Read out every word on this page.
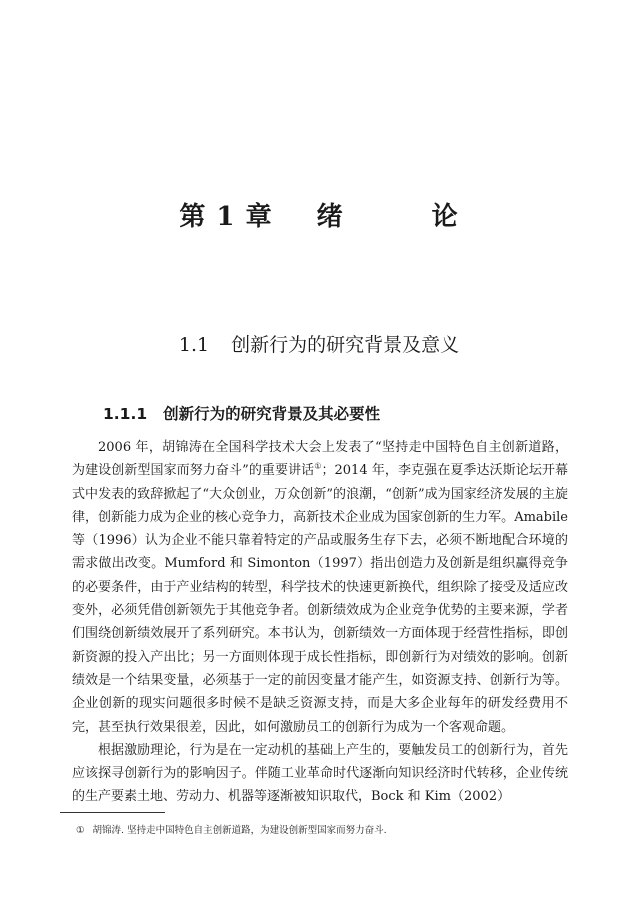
第 1 章 绪	论
1.1 创新行为的研究背景及意义
1.1.1 创新行为的研究背景及其必要性

2006 年，胡锦涛在全国科学技术大会上发表了“坚持走中国特色自主创新道路，为建设创新型国家而努力奋斗”的重要讲话①；2014 年，李克强在夏季达沃斯论坛开幕式中发表的致辞掀起了“大众创业，万众创新”的浪潮，“创新”成为国家经济发展的主旋律，创新能力成为企业的核心竞争力，高新技术企业成为国家创新的生力军。Amabile 等（1996）认为企业不能只靠着特定的产品或服务生存下去，必须不断地配合环境的需求做出改变。Mumford 和 Simonton（1997）指出创造力及创新是组织赢得竞争的必要条件，由于产业结构的转型，科学技术的快速更新换代，组织除了接受及适应改变外，必须凭借创新领先于其他竞争者。创新绩效成为企业竞争优势的主要来源，学者们围绕创新绩效展开了系列研究。本书认为，创新绩效一方面体现于经营性指标，即创新资源的投入产出比；另一方面则体现于成长性指标，即创新行为对绩效的影响。创新绩效是一个结果变量，必须基于一定的前因变量才能产生，如资源支持、创新行为等。企业创新的现实问题很多时候不是缺乏资源支持，而是大多企业每年的研发经费用不完，甚至执行效果很差，因此，如何激励员工的创新行为成为一个客观命题。

根据激励理论，行为是在一定动机的基础上产生的，要触发员工的创新行为，首先应该探寻创新行为的影响因子。伴随工业革命时代逐渐向知识经济时代转移，企业传统的生产要素土地、劳动力、机器等逐渐被知识取代，Bock 和 Kim（2002）

① 胡锦涛. 坚持走中国特色自主创新道路，为建设创新型国家而努力奋斗.
